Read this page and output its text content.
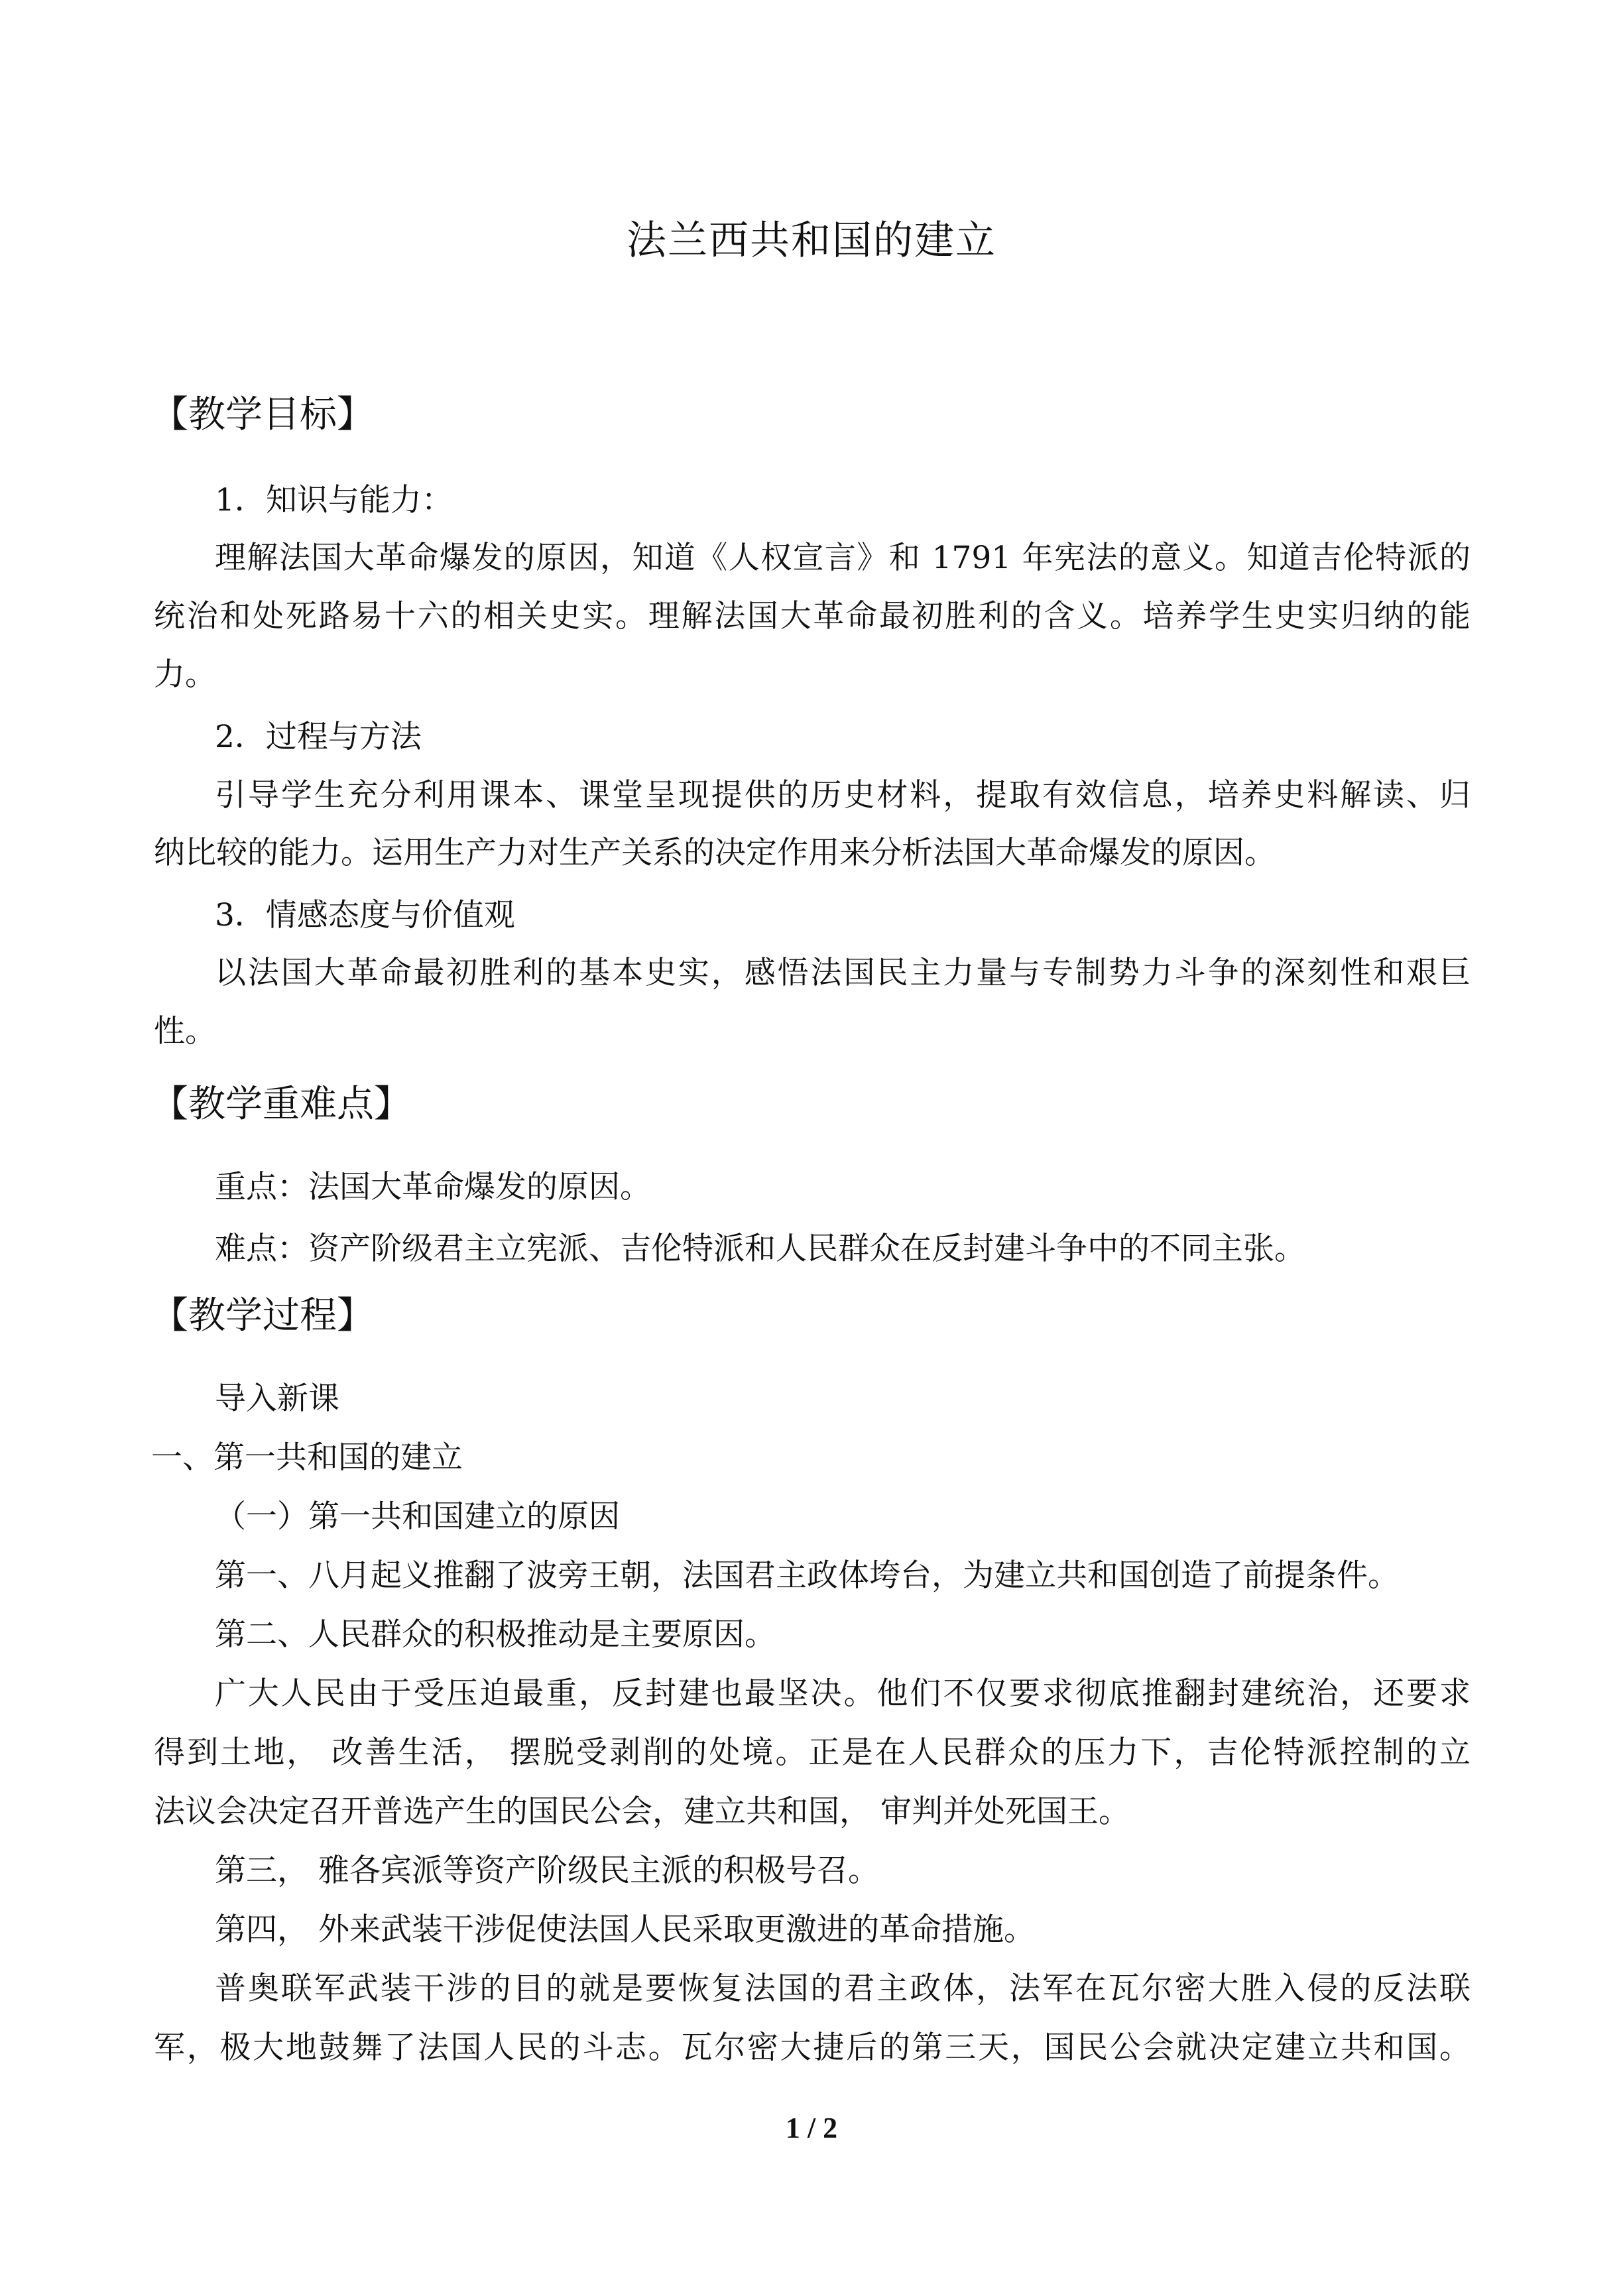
法兰西共和国的建立
【教学目标】
1．知识与能力：
理解法国大革命爆发的原因，知道《人权宣言》和 1791 年宪法的意义。知道吉伦特派的
统治和处死路易十六的相关史实。理解法国大革命最初胜利的含义。培养学生史实归纳的能
力。
2．过程与方法
引导学生充分利用课本、课堂呈现提供的历史材料，提取有效信息，培养史料解读、归
纳比较的能力。运用生产力对生产关系的决定作用来分析法国大革命爆发的原因。
3．情感态度与价值观
以法国大革命最初胜利的基本史实，感悟法国民主力量与专制势力斗争的深刻性和艰巨
性。
【教学重难点】
重点：法国大革命爆发的原因。
难点：资产阶级君主立宪派、吉伦特派和人民群众在反封建斗争中的不同主张。
【教学过程】
导入新课
一、第一共和国的建立
（一）第一共和国建立的原因
第一、八月起义推翻了波旁王朝，法国君主政体垮台，为建立共和国创造了前提条件。
第二、人民群众的积极推动是主要原因。
广大人民由于受压迫最重，反封建也最坚决。他们不仅要求彻底推翻封建统治，还要求
得到土地， 改善生活， 摆脱受剥削的处境。正是在人民群众的压力下，吉伦特派控制的立
法议会决定召开普选产生的国民公会，建立共和国， 审判并处死国王。
第三， 雅各宾派等资产阶级民主派的积极号召。
第四， 外来武装干涉促使法国人民采取更激进的革命措施。
普奥联军武装干涉的目的就是要恢复法国的君主政体，法军在瓦尔密大胜入侵的反法联
军，极大地鼓舞了法国人民的斗志。瓦尔密大捷后的第三天，国民公会就决定建立共和国。
1 / 2
